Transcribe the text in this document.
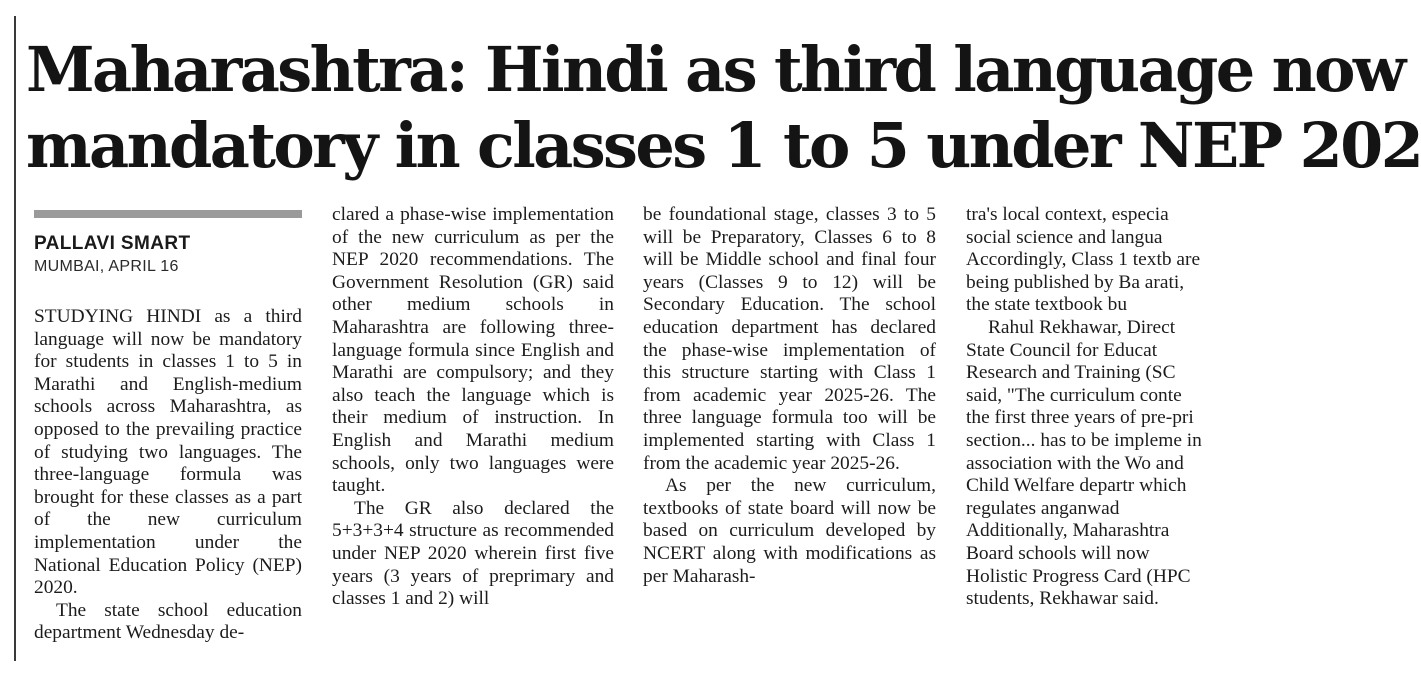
Maharashtra: Hindi as third language now
mandatory in classes 1 to 5 under NEP 202
PALLAVI SMART
MUMBAI, APRIL 16

STUDYING HINDI as a third language will now be mandatory for students in classes 1 to 5 in Marathi and English-medium schools across Maharashtra, as opposed to the prevailing practice of studying two languages. The three-language formula was brought for these classes as a part of the new curriculum implementation under the National Education Policy (NEP) 2020.

The state school education department Wednesday de-

clared a phase-wise implementation of the new curriculum as per the NEP 2020 recommendations. The Government Resolution (GR) said other medium schools in Maharashtra are following three-language formula since English and Marathi are compulsory; and they also teach the language which is their medium of instruction. In English and Marathi medium schools, only two languages were taught.

The GR also declared the 5+3+3+4 structure as recommended under NEP 2020 wherein first five years (3 years of preprimary and classes 1 and 2) will

be foundational stage, classes 3 to 5 will be Preparatory, Classes 6 to 8 will be Middle school and final four years (Classes 9 to 12) will be Secondary Education. The school education department has declared the phase-wise implementation of this structure starting with Class 1 from academic year 2025-26. The three language formula too will be implemented starting with Class 1 from the academic year 2025-26.

As per the new curriculum, textbooks of state board will now be based on curriculum developed by NCERT along with modifications as per Maharash-

tra's local context, especia social science and langua Accordingly, Class 1 textb are being published by Ba arati, the state textbook bu

Rahul Rekhawar, Direct State Council for Educat Research and Training (SC said, "The curriculum conte the first three years of pre-pri section... has to be impleme in association with the Wo and Child Welfare departr which regulates anganwad Additionally, Maharashtra Board schools will now Holistic Progress Card (HPC students, Rekhawar said.
